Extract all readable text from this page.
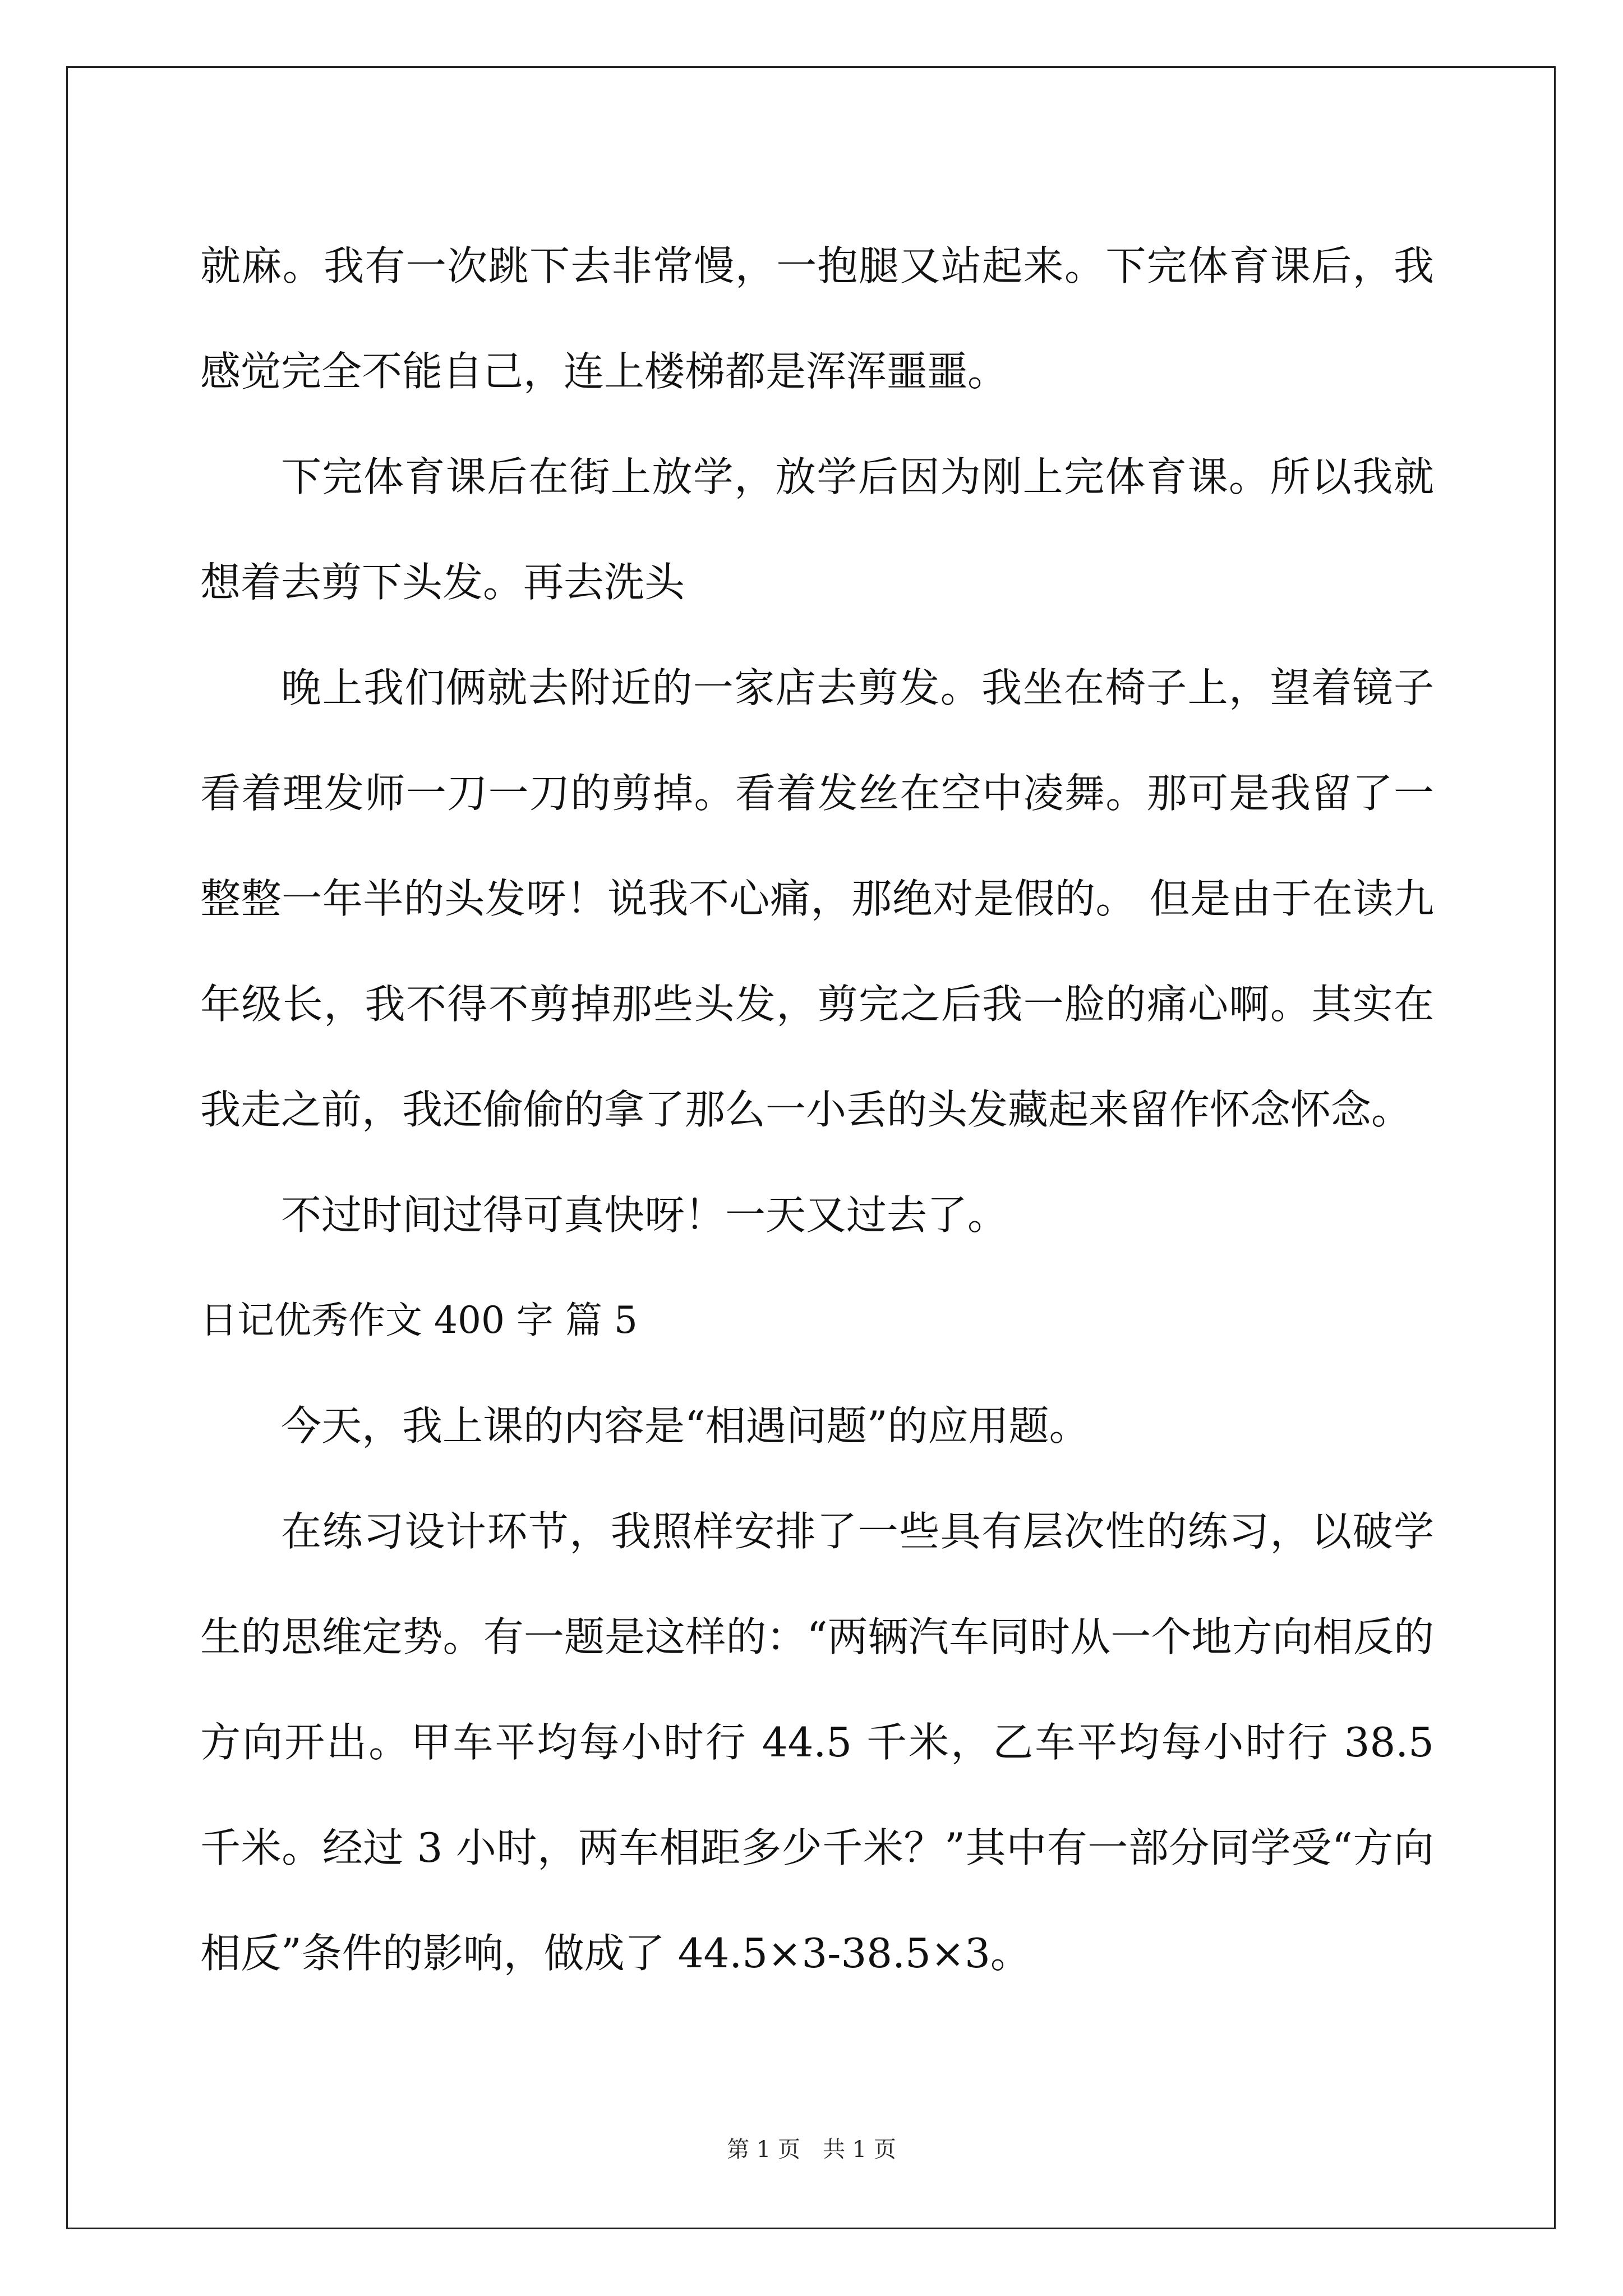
就麻。我有一次跳下去非常慢，一抱腿又站起来。下完体育课后，我感觉完全不能自己，连上楼梯都是浑浑噩噩。

下完体育课后在街上放学，放学后因为刚上完体育课。所以我就想着去剪下头发。再去洗头

晚上我们俩就去附近的一家店去剪发。我坐在椅子上，望着镜子看着理发师一刀一刀的剪掉。看着发丝在空中凌舞。那可是我留了一整整一年半的头发呀！说我不心痛，那绝对是假的。 但是由于在读九年级长，我不得不剪掉那些头发，剪完之后我一脸的痛心啊。其实在我走之前，我还偷偷的拿了那么一小丢的头发藏起来留作怀念怀念。

不过时间过得可真快呀！一天又过去了。

日记优秀作文 400 字 篇 5

今天，我上课的内容是“相遇问题”的应用题。

在练习设计环节，我照样安排了一些具有层次性的练习，以破学生的思维定势。有一题是这样的：“两辆汽车同时从一个地方向相反的方向开出。甲车平均每小时行 44.5 千米，乙车平均每小时行 38.5 千米。经过 3 小时，两车相距多少千米？”其中有一部分同学受“方向相反”条件的影响，做成了 44.5×3-38.5×3。

第 1 页　共 1 页
